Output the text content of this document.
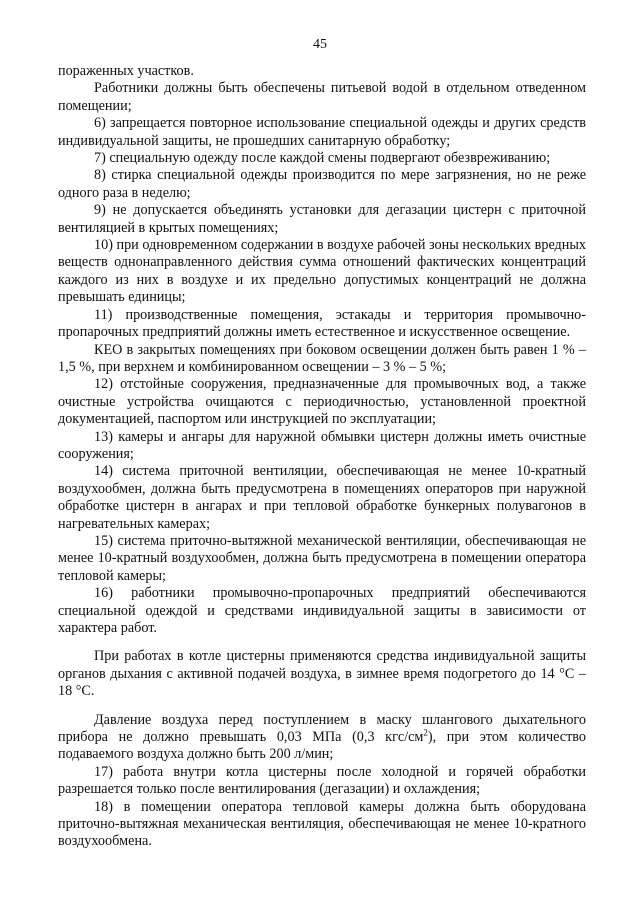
45

пораженных участков.

Работники должны быть обеспечены питьевой водой в отдельном отведенном помещении;

6) запрещается повторное использование специальной одежды и других средств индивидуальной защиты, не прошедших санитарную обработку;

7) специальную одежду после каждой смены подвергают обезвреживанию;

8) стирка специальной одежды производится по мере загрязнения, но не реже одного раза в неделю;

9) не допускается объединять установки для дегазации цистерн с приточной вентиляцией в крытых помещениях;

10) при одновременном содержании в воздухе рабочей зоны нескольких вредных веществ однонаправленного действия сумма отношений фактических концентраций каждого из них в воздухе и их предельно допустимых концентраций не должна превышать единицы;

11) производственные помещения, эстакады и территория промывочно-пропарочных предприятий должны иметь естественное и искусственное освещение.

КЕО в закрытых помещениях при боковом освещении должен быть равен 1 % – 1,5 %, при верхнем и комбинированном освещении – 3 % – 5 %;

12) отстойные сооружения, предназначенные для промывочных вод, а также очистные устройства очищаются с периодичностью, установленной проектной документацией, паспортом или инструкцией по эксплуатации;

13) камеры и ангары для наружной обмывки цистерн должны иметь очистные сооружения;

14) система приточной вентиляции, обеспечивающая не менее 10-кратный воздухообмен, должна быть предусмотрена в помещениях операторов при наружной обработке цистерн в ангарах и при тепловой обработке бункерных полувагонов в нагревательных камерах;

15) система приточно-вытяжной механической вентиляции, обеспечивающая не менее 10-кратный воздухообмен, должна быть предусмотрена в помещении оператора тепловой камеры;

16) работники промывочно-пропарочных предприятий обеспечиваются специальной одеждой и средствами индивидуальной защиты в зависимости от характера работ.

При работах в котле цистерны применяются средства индивидуальной защиты органов дыхания с активной подачей воздуха, в зимнее время подогретого до 14 °C – 18 °C.

Давление воздуха перед поступлением в маску шлангового дыхательного прибора не должно превышать 0,03 МПа (0,3 кгс/$см^2$), при этом количество подаваемого воздуха должно быть 200 л/мин;

17) работа внутри котла цистерны после холодной и горячей обработки разрешается только после вентилирования (дегазации) и охлаждения;

18) в помещении оператора тепловой камеры должна быть оборудована приточно-вытяжная механическая вентиляция, обеспечивающая не менее 10-кратного воздухообмена.
